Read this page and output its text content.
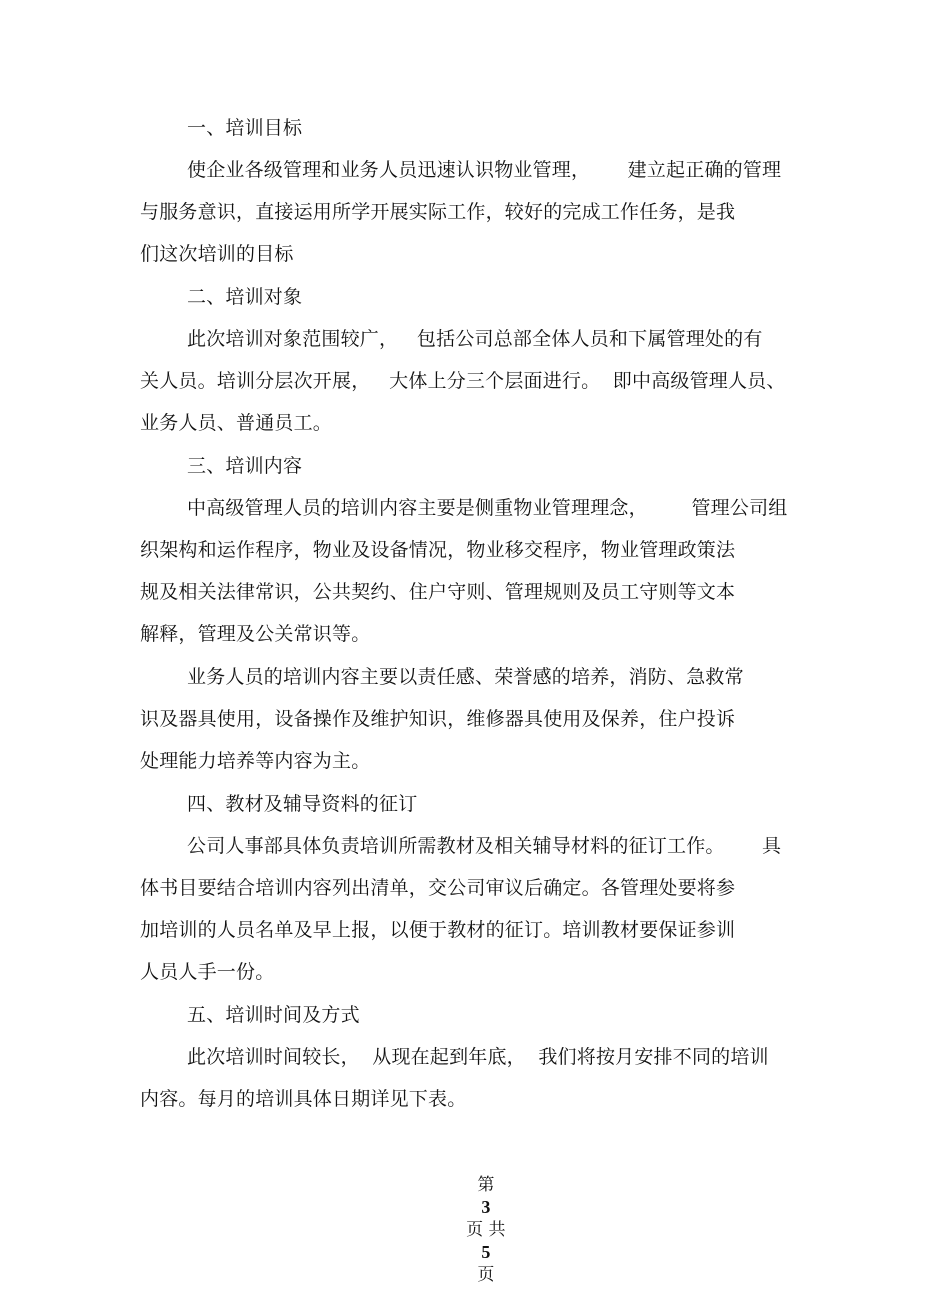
一、培训目标
使企业各级管理和业务人员迅速认识物业管理，      建立起正确的管理
与服务意识，直接运用所学开展实际工作，较好的完成工作任务，是我
们这次培训的目标
二、培训对象
此次培训对象范围较广，   包括公司总部全体人员和下属管理处的有
关人员。培训分层次开展，   大体上分三个层面进行。  即中高级管理人员、
业务人员、普通员工。
三、培训内容
中高级管理人员的培训内容主要是侧重物业管理理念，       管理公司组
织架构和运作程序，物业及设备情况，物业移交程序，物业管理政策法
规及相关法律常识，公共契约、住户守则、管理规则及员工守则等文本
解释，管理及公关常识等。
业务人员的培训内容主要以责任感、荣誉感的培养，消防、急救常
识及器具使用，设备操作及维护知识，维修器具使用及保养，住户投诉
处理能力培养等内容为主。
四、教材及辅导资料的征订
公司人事部具体负责培训所需教材及相关辅导材料的征订工作。      具
体书目要结合培训内容列出清单，交公司审议后确定。各管理处要将参
加培训的人员名单及早上报，以便于教材的征订。培训教材要保证参训
人员人手一份。
五、培训时间及方式
此次培训时间较长，  从现在起到年底，  我们将按月安排不同的培训
内容。每月的培训具体日期详见下表。

第
3
页 共
5
页
